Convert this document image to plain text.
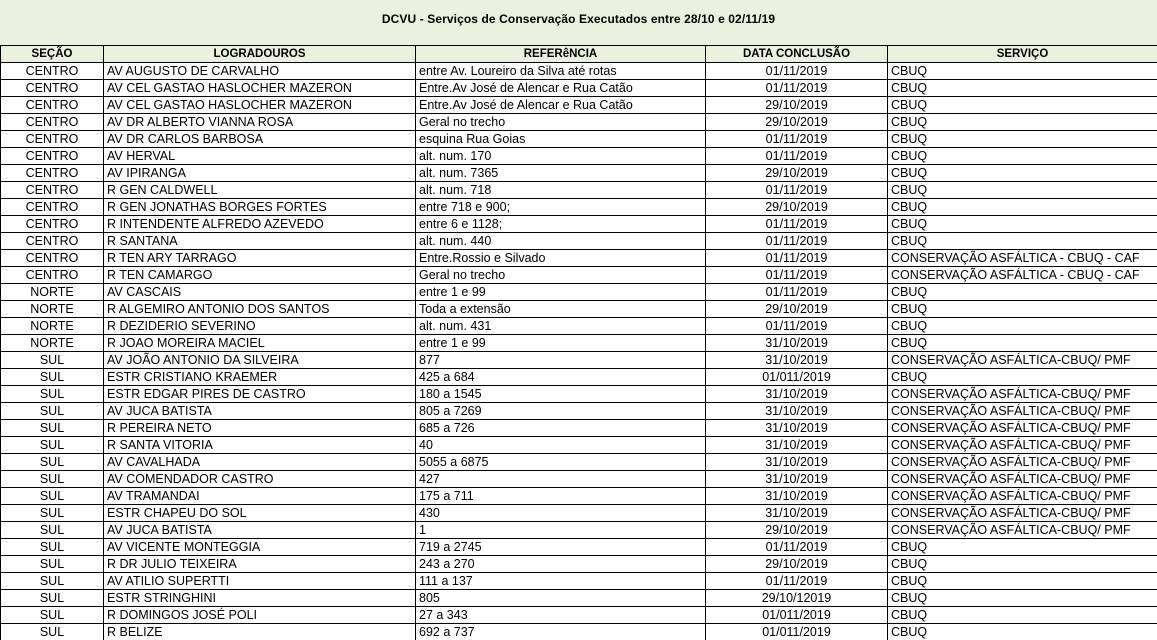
DCVU - Serviços de Conservação Executados entre 28/10 e 02/11/19
SEÇÃO	LOGRADOUROS	REFERêNCIA	DATA CONCLUSÃO	SERVIÇO
CENTRO	AV AUGUSTO DE CARVALHO	entre Av. Loureiro da Silva até rotas	01/11/2019	CBUQ
CENTRO	AV CEL GASTAO HASLOCHER MAZERON	Entre.Av José de Alencar e Rua Catão	01/11/2019	CBUQ
CENTRO	AV CEL GASTAO HASLOCHER MAZERON	Entre.Av José de Alencar e Rua Catão	29/10/2019	CBUQ
CENTRO	AV DR ALBERTO VIANNA ROSA	Geral no trecho	29/10/2019	CBUQ
CENTRO	AV DR CARLOS BARBOSA	esquina Rua Goias	01/11/2019	CBUQ
CENTRO	AV HERVAL	alt. num. 170	01/11/2019	CBUQ
CENTRO	AV IPIRANGA	alt. num. 7365	29/10/2019	CBUQ
CENTRO	R GEN CALDWELL	alt. num. 718	01/11/2019	CBUQ
CENTRO	R GEN JONATHAS BORGES FORTES	entre 718 e 900;	29/10/2019	CBUQ
CENTRO	R INTENDENTE ALFREDO AZEVEDO	entre 6 e 1128;	01/11/2019	CBUQ
CENTRO	R SANTANA	alt. num. 440	01/11/2019	CBUQ
CENTRO	R TEN ARY TARRAGO	Entre.Rossio e Silvado	01/11/2019	CONSERVAÇÃO ASFÁLTICA - CBUQ - CAF
CENTRO	R TEN CAMARGO	Geral no trecho	01/11/2019	CONSERVAÇÃO ASFÁLTICA - CBUQ - CAF
NORTE	AV CASCAIS	entre 1 e 99	01/11/2019	CBUQ
NORTE	R ALGEMIRO ANTONIO DOS SANTOS	Toda a extensão	29/10/2019	CBUQ
NORTE	R DEZIDERIO SEVERINO	alt. num. 431	01/11/2019	CBUQ
NORTE	R JOAO MOREIRA MACIEL	entre 1 e 99	31/10/2019	CBUQ
SUL	AV JOÃO ANTONIO DA SILVEIRA	877	31/10/2019	CONSERVAÇÃO ASFÁLTICA-CBUQ/ PMF
SUL	ESTR CRISTIANO KRAEMER	425 a 684	01/011/2019	CBUQ
SUL	ESTR EDGAR PIRES DE CASTRO	180 a 1545	31/10/2019	CONSERVAÇÃO ASFÁLTICA-CBUQ/ PMF
SUL	AV JUCA BATISTA	805 a 7269	31/10/2019	CONSERVAÇÃO ASFÁLTICA-CBUQ/ PMF
SUL	R PEREIRA NETO	685 a 726	31/10/2019	CONSERVAÇÃO ASFÁLTICA-CBUQ/ PMF
SUL	R SANTA VITORIA	40	31/10/2019	CONSERVAÇÃO ASFÁLTICA-CBUQ/ PMF
SUL	AV CAVALHADA	5055 a 6875	31/10/2019	CONSERVAÇÃO ASFÁLTICA-CBUQ/ PMF
SUL	AV COMENDADOR CASTRO	427	31/10/2019	CONSERVAÇÃO ASFÁLTICA-CBUQ/ PMF
SUL	AV TRAMANDAI	175 a 711	31/10/2019	CONSERVAÇÃO ASFÁLTICA-CBUQ/ PMF
SUL	ESTR CHAPEU DO SOL	430	31/10/2019	CONSERVAÇÃO ASFÁLTICA-CBUQ/ PMF
SUL	AV JUCA BATISTA	1	29/10/2019	CONSERVAÇÃO ASFÁLTICA-CBUQ/ PMF
SUL	AV VICENTE MONTEGGIA	719 a 2745	01/11/2019	CBUQ
SUL	R DR JULIO TEIXEIRA	243 a 270	29/10/2019	CBUQ
SUL	AV ATILIO SUPERTTI	111 a 137	01/11/2019	CBUQ
SUL	ESTR STRINGHINI	805	29/10/12019	CBUQ
SUL	R DOMINGOS JOSÉ POLI	27 a 343	01/011/2019	CBUQ
SUL	R BELIZE	692 a 737	01/011/2019	CBUQ
